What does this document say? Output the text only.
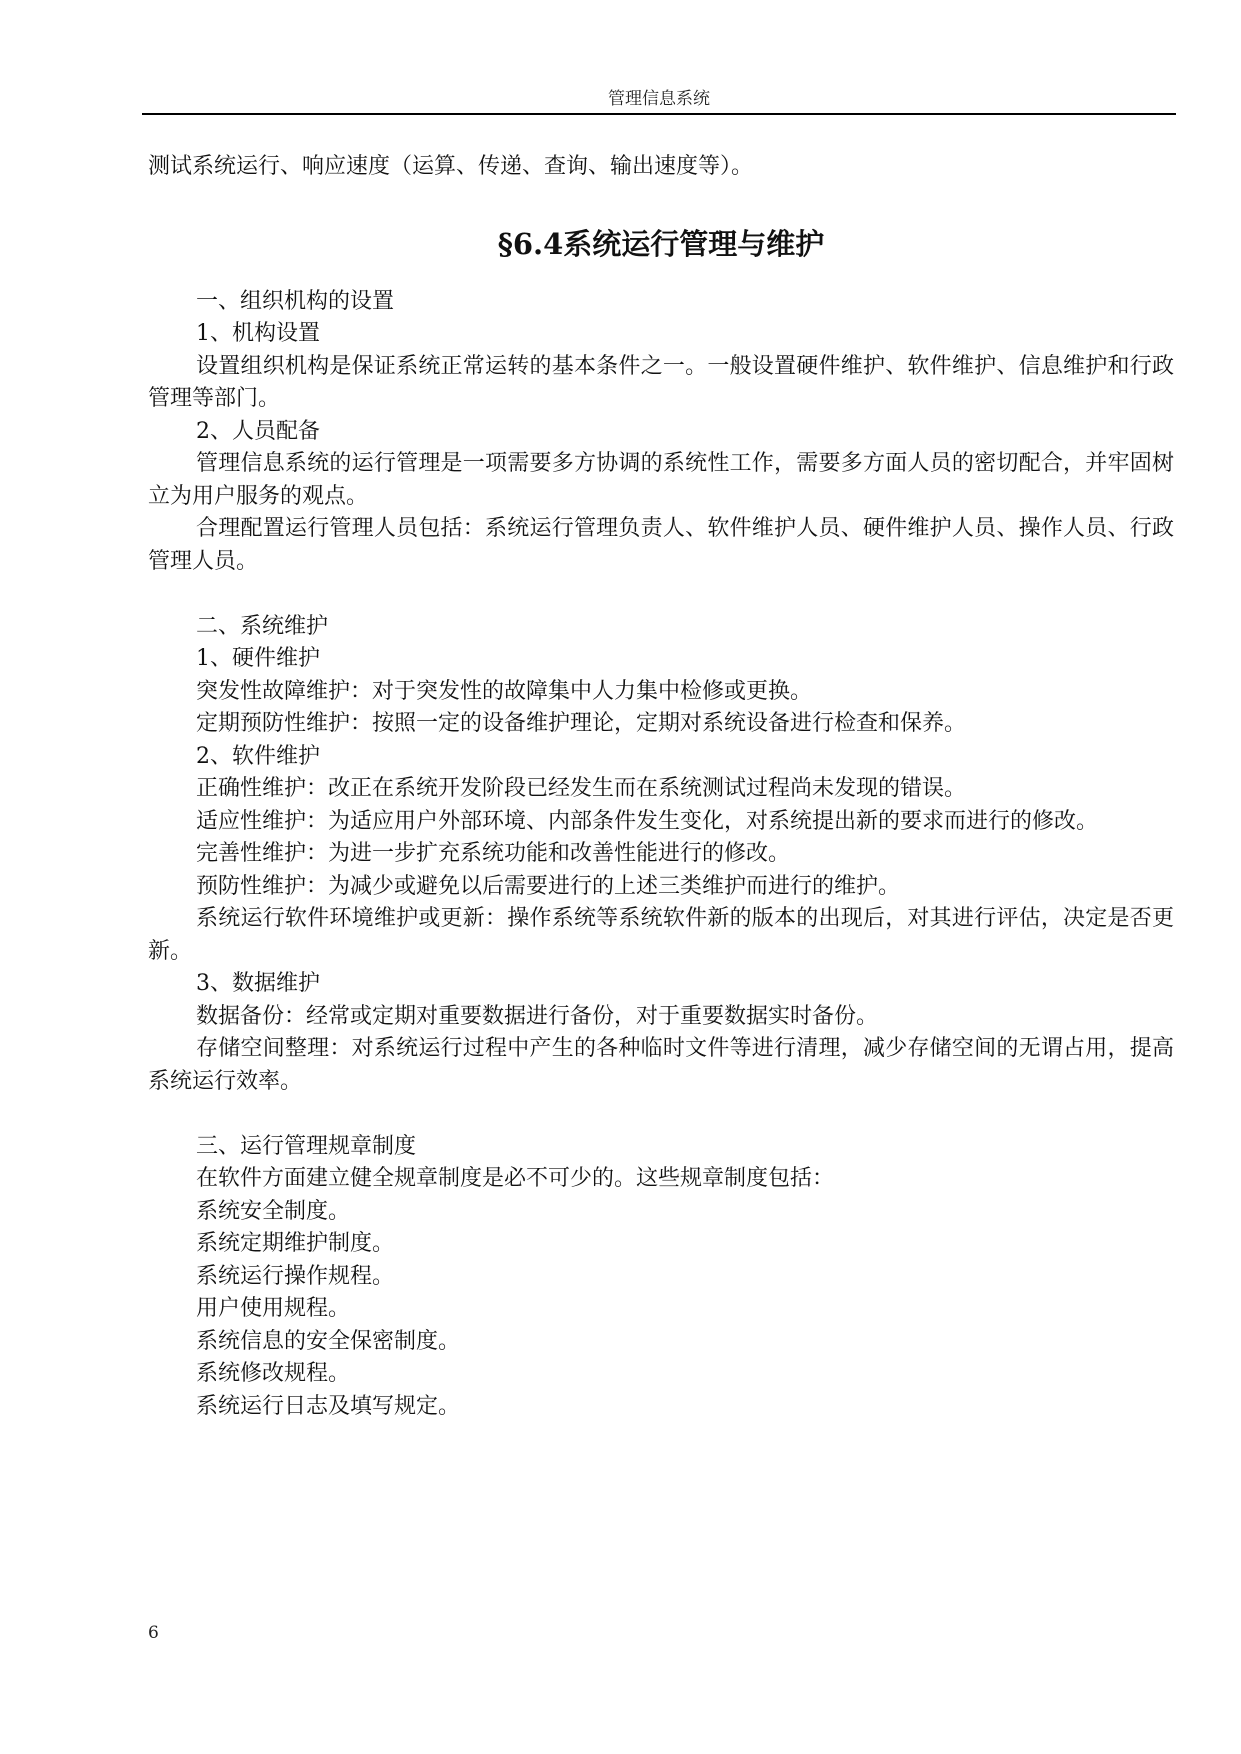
管理信息系统

测试系统运行、响应速度（运算、传递、查询、输出速度等）。

§6.4系统运行管理与维护

一、组织机构的设置

1、机构设置

设置组织机构是保证系统正常运转的基本条件之一。一般设置硬件维护、软件维护、信息维护和行政管理等部门。

2、人员配备

管理信息系统的运行管理是一项需要多方协调的系统性工作，需要多方面人员的密切配合，并牢固树立为用户服务的观点。

合理配置运行管理人员包括：系统运行管理负责人、软件维护人员、硬件维护人员、操作人员、行政管理人员。

二、系统维护

1、硬件维护

突发性故障维护：对于突发性的故障集中人力集中检修或更换。

定期预防性维护：按照一定的设备维护理论，定期对系统设备进行检查和保养。

2、软件维护

正确性维护：改正在系统开发阶段已经发生而在系统测试过程尚未发现的错误。

适应性维护：为适应用户外部环境、内部条件发生变化，对系统提出新的要求而进行的修改。

完善性维护：为进一步扩充系统功能和改善性能进行的修改。

预防性维护：为减少或避免以后需要进行的上述三类维护而进行的维护。

系统运行软件环境维护或更新：操作系统等系统软件新的版本的出现后，对其进行评估，决定是否更新。

3、数据维护

数据备份：经常或定期对重要数据进行备份，对于重要数据实时备份。

存储空间整理：对系统运行过程中产生的各种临时文件等进行清理，减少存储空间的无谓占用，提高系统运行效率。

三、运行管理规章制度

在软件方面建立健全规章制度是必不可少的。这些规章制度包括：

系统安全制度。

系统定期维护制度。

系统运行操作规程。

用户使用规程。

系统信息的安全保密制度。

系统修改规程。

系统运行日志及填写规定。

6
